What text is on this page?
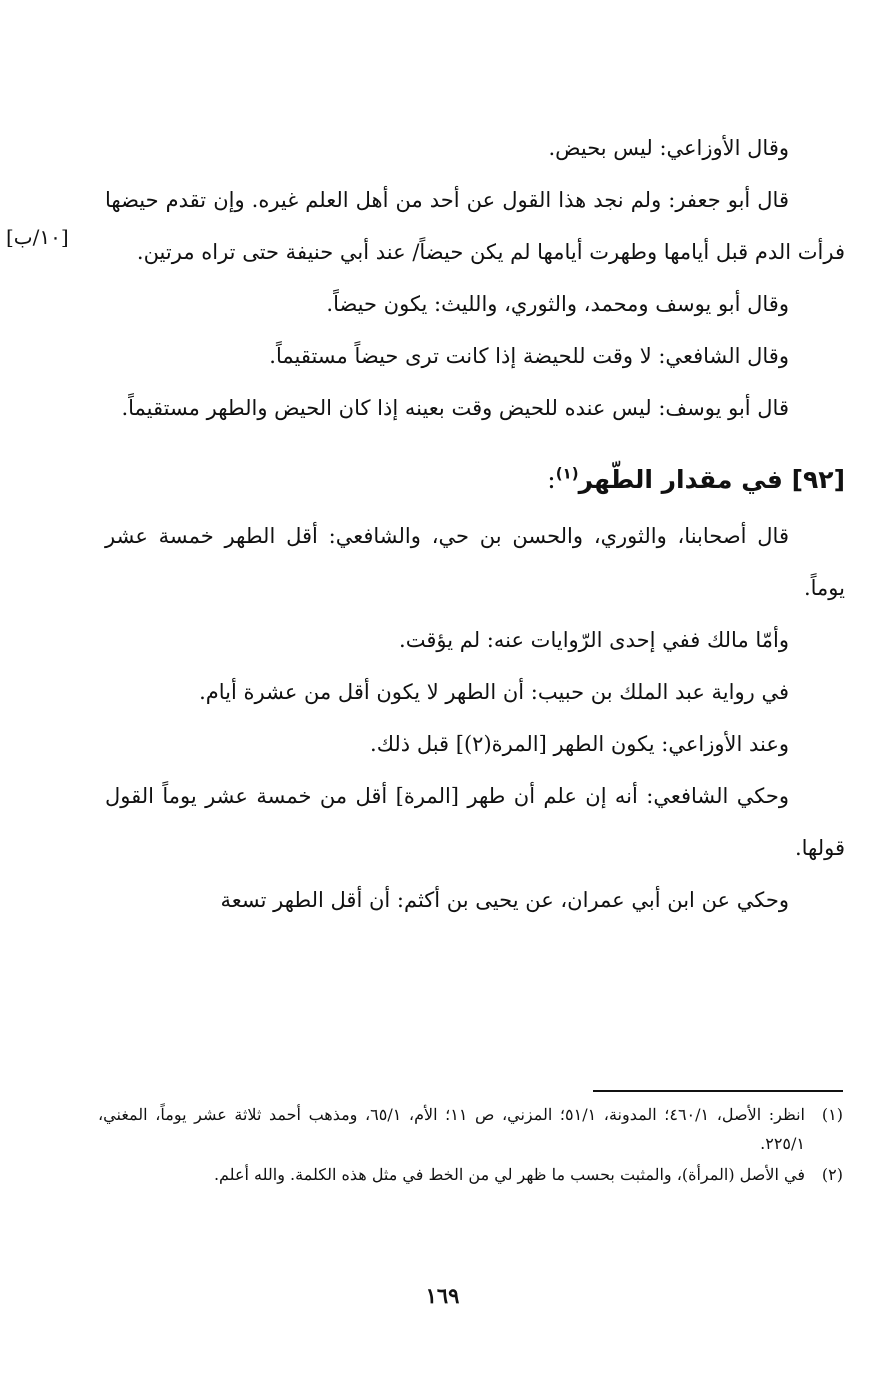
وقال الأوزاعي: ليس بحيض.

قال أبو جعفر: ولم نجد هذا القول عن أحد من أهل العلم غيره. وإن تقدم حيضها فرأت الدم قبل أيامها وطهرت أيامها لم يكن حيضاً/ عند أبي حنيفة حتى تراه مرتين.

وقال أبو يوسف ومحمد، والثوري، والليث: يكون حيضاً.

وقال الشافعي: لا وقت للحيضة إذا كانت ترى حيضاً مستقيماً.

قال أبو يوسف: ليس عنده للحيض وقت بعينه إذا كان الحيض والطهر مستقيماً.

[٩٢] في مقدار الطّهر$^{(١)}$:

قال أصحابنا، والثوري، والحسن بن حي، والشافعي: أقل الطهر خمسة عشر يوماً.

وأمّا مالك ففي إحدى الرّوايات عنه: لم يؤقت.

في رواية عبد الملك بن حبيب: أن الطهر لا يكون أقل من عشرة أيام.

وعند الأوزاعي: يكون الطهر [المرة(٢)] قبل ذلك.

وحكي الشافعي: أنه إن علم أن طهر [المرة] أقل من خمسة عشر يوماً القول قولها.

وحكي عن ابن أبي عمران، عن يحيى بن أكثم: أن أقل الطهر تسعة

[١٠/ب]
(١)
انظر: الأصل، ٤٦٠/١؛ المدونة، ٥١/١؛ المزني، ص ١١؛ الأم، ٦٥/١، ومذهب أحمد ثلاثة عشر يوماً، المغني، ٢٢٥/١.
(٢)
في الأصل (المرأة)، والمثبت بحسب ما ظهر لي من الخط في مثل هذه الكلمة. والله أعلم.
١٦٩
